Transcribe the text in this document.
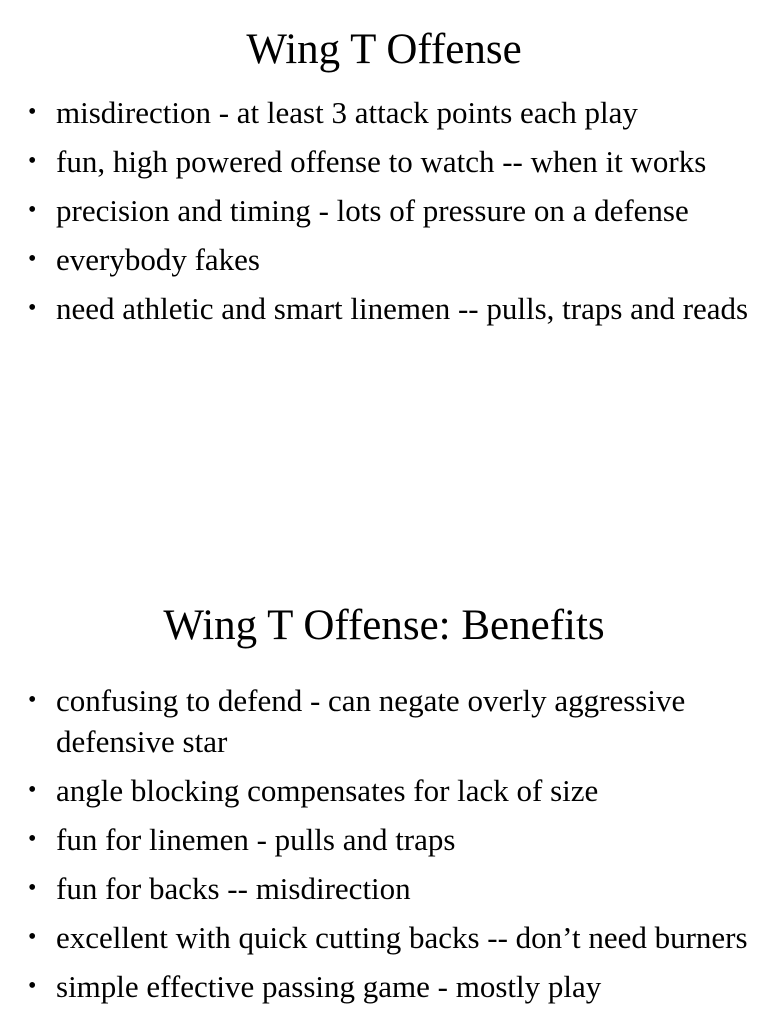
Wing T Offense
• misdirection - at least 3 attack points each play
• fun, high powered offense to watch -- when it works
• precision and timing - lots of pressure on a defense
• everybody fakes
• need athletic and smart linemen -- pulls, traps and reads
Wing T Offense: Benefits
• confusing to defend - can negate overly aggressive defensive star
• angle blocking compensates for lack of size
• fun for linemen - pulls and traps
• fun for backs -- misdirection
• excellent with quick cutting backs -- don’t need burners
• simple effective passing game - mostly play
